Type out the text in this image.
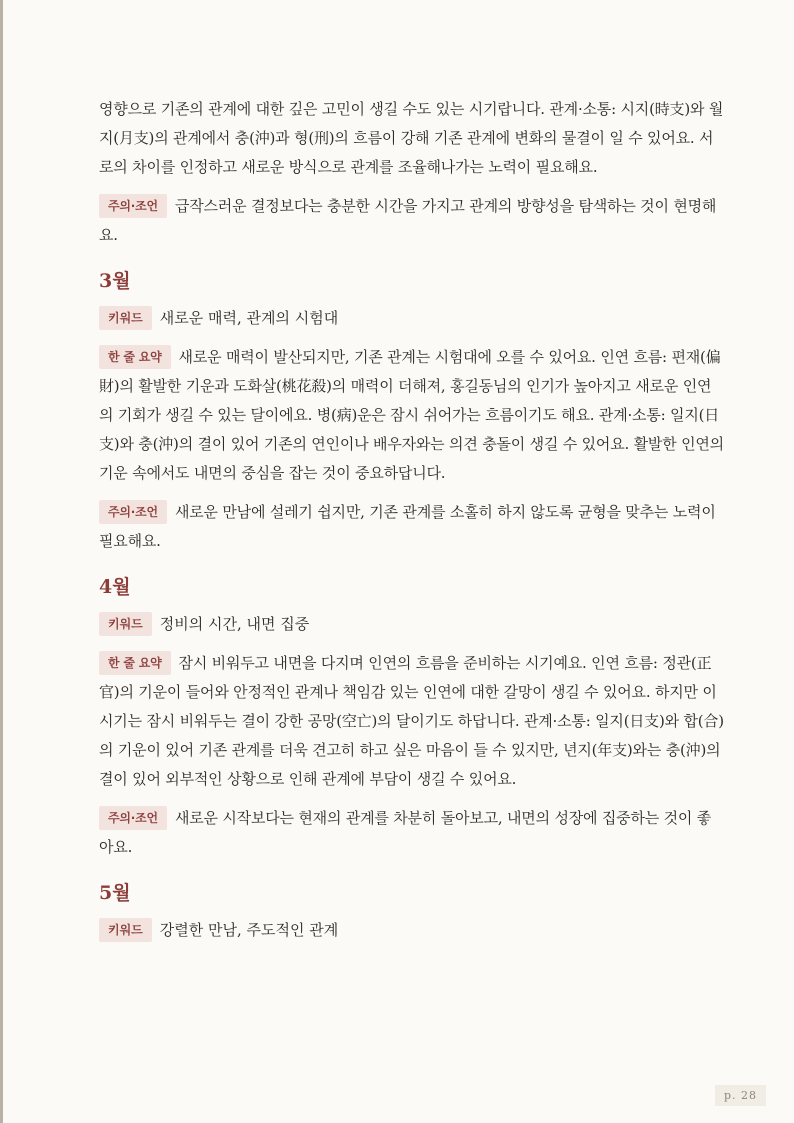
영향으로 기존의 관계에 대한 깊은 고민이 생길 수도 있는 시기랍니다. 관계·소통: 시지(時支)와 월지(月支)의 관계에서 충(沖)과 형(刑)의 흐름이 강해 기존 관계에 변화의 물결이 일 수 있어요. 서로의 차이를 인정하고 새로운 방식으로 관계를 조율해나가는 노력이 필요해요.

주의·조언 급작스러운 결정보다는 충분한 시간을 가지고 관계의 방향성을 탐색하는 것이 현명해요.

3월

키워드 새로운 매력, 관계의 시험대

한 줄 요약 새로운 매력이 발산되지만, 기존 관계는 시험대에 오를 수 있어요. 인연 흐름: 편재(偏財)의 활발한 기운과 도화살(桃花殺)의 매력이 더해져, 홍길동님의 인기가 높아지고 새로운 인연의 기회가 생길 수 있는 달이에요. 병(病)운은 잠시 쉬어가는 흐름이기도 해요. 관계·소통: 일지(日支)와 충(沖)의 결이 있어 기존의 연인이나 배우자와는 의견 충돌이 생길 수 있어요. 활발한 인연의 기운 속에서도 내면의 중심을 잡는 것이 중요하답니다.

주의·조언 새로운 만남에 설레기 쉽지만, 기존 관계를 소홀히 하지 않도록 균형을 맞추는 노력이 필요해요.

4월

키워드 정비의 시간, 내면 집중

한 줄 요약 잠시 비워두고 내면을 다지며 인연의 흐름을 준비하는 시기예요. 인연 흐름: 정관(正官)의 기운이 들어와 안정적인 관계나 책임감 있는 인연에 대한 갈망이 생길 수 있어요. 하지만 이 시기는 잠시 비워두는 결이 강한 공망(空亡)의 달이기도 하답니다. 관계·소통: 일지(日支)와 합(合)의 기운이 있어 기존 관계를 더욱 견고히 하고 싶은 마음이 들 수 있지만, 년지(年支)와는 충(沖)의 결이 있어 외부적인 상황으로 인해 관계에 부담이 생길 수 있어요.

주의·조언 새로운 시작보다는 현재의 관계를 차분히 돌아보고, 내면의 성장에 집중하는 것이 좋아요.

5월

키워드 강렬한 만남, 주도적인 관계

p. 28
